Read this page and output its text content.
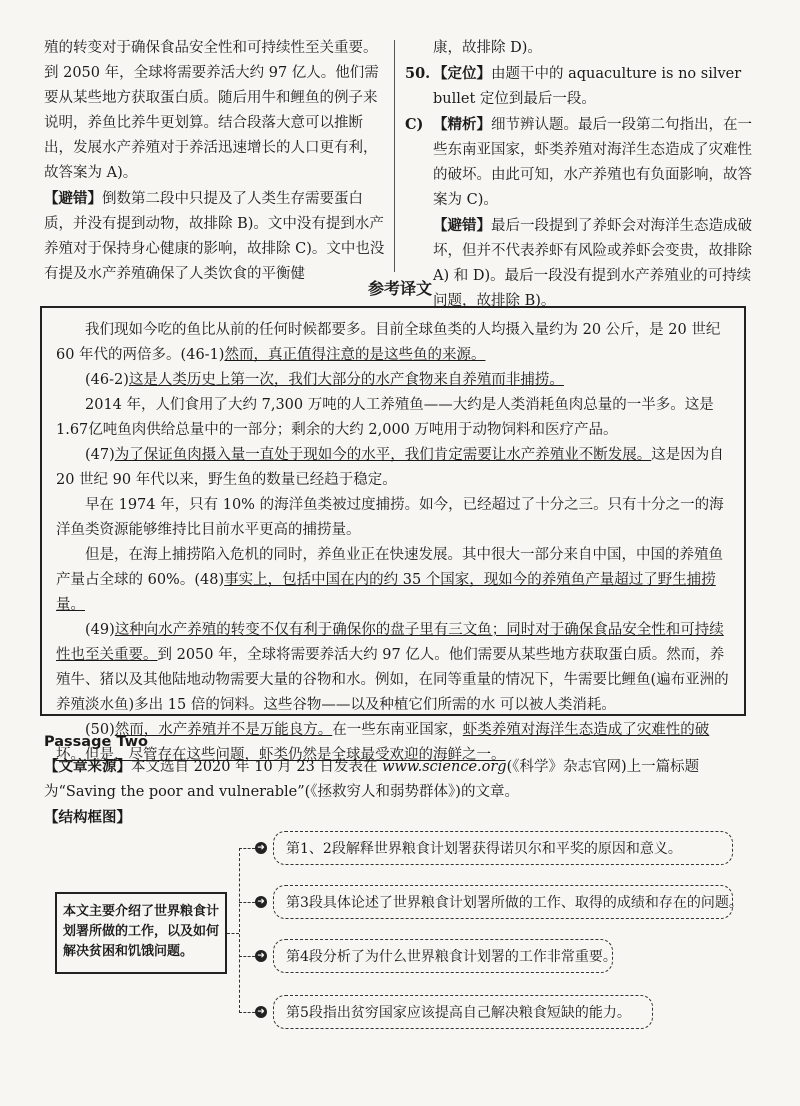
殖的转变对于确保食品安全性和可持续性至关重要。到 2050 年，全球将需要养活大约 97 亿人。他们需要从某些地方获取蛋白质。随后用牛和鲤鱼的例子来说明，养鱼比养牛更划算。结合段落大意可以推断出，发展水产养殖对于养活迅速增长的人口更有利，故答案为 A)。

【避错】倒数第二段中只提及了人类生存需要蛋白质，并没有提到动物，故排除 B)。文中没有提到水产养殖对于保持身心健康的影响，故排除 C)。文中也没有提及水产养殖确保了人类饮食的平衡健

康，故排除 D)。
50. 【定位】由题干中的 aquaculture is no silver bullet 定位到最后一段。
C) 【精析】细节辨认题。最后一段第二句指出，在一些东南亚国家，虾类养殖对海洋生态造成了灾难性的破坏。由此可知，水产养殖也有负面影响，故答案为 C)。
【避错】最后一段提到了养虾会对海洋生态造成破坏，但并不代表养虾有风险或养虾会变贵，故排除 A) 和 D)。最后一段没有提到水产养殖业的可持续问题，故排除 B)。
参考译文

我们现如今吃的鱼比从前的任何时候都要多。目前全球鱼类的人均摄入量约为 20 公斤，是 20 世纪 60 年代的两倍多。(46-1)然而，真正值得注意的是这些鱼的来源。

(46-2)这是人类历史上第一次，我们大部分的水产食物来自养殖而非捕捞。

2014 年，人们食用了大约 7,300 万吨的人工养殖鱼——大约是人类消耗鱼肉总量的一半多。这是 1.67亿吨鱼肉供给总量中的一部分；剩余的大约 2,000 万吨用于动物饲料和医疗产品。

(47)为了保证鱼肉摄入量一直处于现如今的水平，我们肯定需要让水产养殖业不断发展。这是因为自 20 世纪 90 年代以来，野生鱼的数量已经趋于稳定。

早在 1974 年，只有 10% 的海洋鱼类被过度捕捞。如今，已经超过了十分之三。只有十分之一的海洋鱼类资源能够维持比目前水平更高的捕捞量。

但是，在海上捕捞陷入危机的同时，养鱼业正在快速发展。其中很大一部分来自中国，中国的养殖鱼产量占全球的 60%。(48)事实上，包括中国在内的约 35 个国家，现如今的养殖鱼产量超过了野生捕捞量。

(49)这种向水产养殖的转变不仅有利于确保你的盘子里有三文鱼；同时对于确保食品安全性和可持续性也至关重要。到 2050 年，全球将需要养活大约 97 亿人。他们需要从某些地方获取蛋白质。然而，养殖牛、猪以及其他陆地动物需要大量的谷物和水。例如，在同等重量的情况下，牛需要比鲤鱼(遍布亚洲的养殖淡水鱼)多出 15 倍的饲料。这些谷物——以及种植它们所需的水 可以被人类消耗。

(50)然而，水产养殖并不是万能良方。在一些东南亚国家，虾类养殖对海洋生态造成了灾难性的破坏。但是，尽管存在这些问题，虾类仍然是全球最受欢迎的海鲜之一。

Passage Two
【文章来源】本文选自 2020 年 10 月 23 日发表在 www.science.org(《科学》杂志官网)上一篇标题为“Saving the poor and vulnerable”(《拯救穷人和弱势群体》)的文章。
【结构框图】
本文主要介绍了世界粮食计划署所做的工作，以及如何解决贫困和饥饿问题。
➜	第1、2段解释世界粮食计划署获得诺贝尔和平奖的原因和意义。
➜	第3段具体论述了世界粮食计划署所做的工作、取得的成绩和存在的问题。
➜	第4段分析了为什么世界粮食计划署的工作非常重要。
➜	第5段指出贫穷国家应该提高自己解决粮食短缺的能力。
